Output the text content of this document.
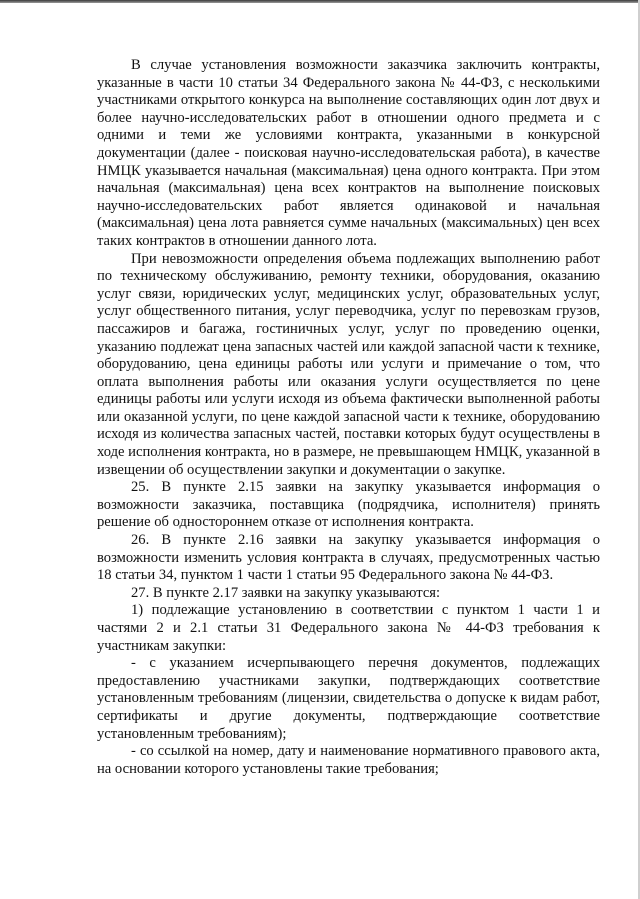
В случае установления возможности заказчика заключить контракты, указанные в части 10 статьи 34 Федерального закона № 44-ФЗ, с несколькими участниками открытого конкурса на выполнение составляющих один лот двух и более научно-исследовательских работ в отношении одного предмета и с одними и теми же условиями контракта, указанными в конкурсной документации (далее - поисковая научно-исследовательская работа), в качестве НМЦК указывается начальная (максимальная) цена одного контракта. При этом начальная (максимальная) цена всех контрактов на выполнение поисковых научно-исследовательских работ является одинаковой и начальная (максимальная) цена лота равняется сумме начальных (максимальных) цен всех таких контрактов в отношении данного лота.

При невозможности определения объема подлежащих выполнению работ по техническому обслуживанию, ремонту техники, оборудования, оказанию услуг связи, юридических услуг, медицинских услуг, образовательных услуг, услуг общественного питания, услуг переводчика, услуг по перевозкам грузов, пассажиров и багажа, гостиничных услуг, услуг по проведению оценки, указанию подлежат цена запасных частей или каждой запасной части к технике, оборудованию, цена единицы работы или услуги и примечание о том, что оплата выполнения работы или оказания услуги осуществляется по цене единицы работы или услуги исходя из объема фактически выполненной работы или оказанной услуги, по цене каждой запасной части к технике, оборудованию исходя из количества запасных частей, поставки которых будут осуществлены в ходе исполнения контракта, но в размере, не превышающем НМЦК, указанной в извещении об осуществлении закупки и документации о закупке.

25. В пункте 2.15 заявки на закупку указывается информация о возможности заказчика, поставщика (подрядчика, исполнителя) принять решение об одностороннем отказе от исполнения контракта.

26. В пункте 2.16 заявки на закупку указывается информация о возможности изменить условия контракта в случаях, предусмотренных частью 18 статьи 34, пунктом 1 части 1 статьи 95 Федерального закона № 44-ФЗ.

27. В пункте 2.17 заявки на закупку указываются:

1) подлежащие установлению в соответствии с пунктом 1 части 1 и частями 2 и 2.1 статьи 31 Федерального закона № 44-ФЗ требования к участникам закупки:

- с указанием исчерпывающего перечня документов, подлежащих предоставлению участниками закупки, подтверждающих соответствие установленным требованиям (лицензии, свидетельства о допуске к видам работ, сертификаты и другие документы, подтверждающие соответствие установленным требованиям);

- со ссылкой на номер, дату и наименование нормативного правового акта, на основании которого установлены такие требования;
